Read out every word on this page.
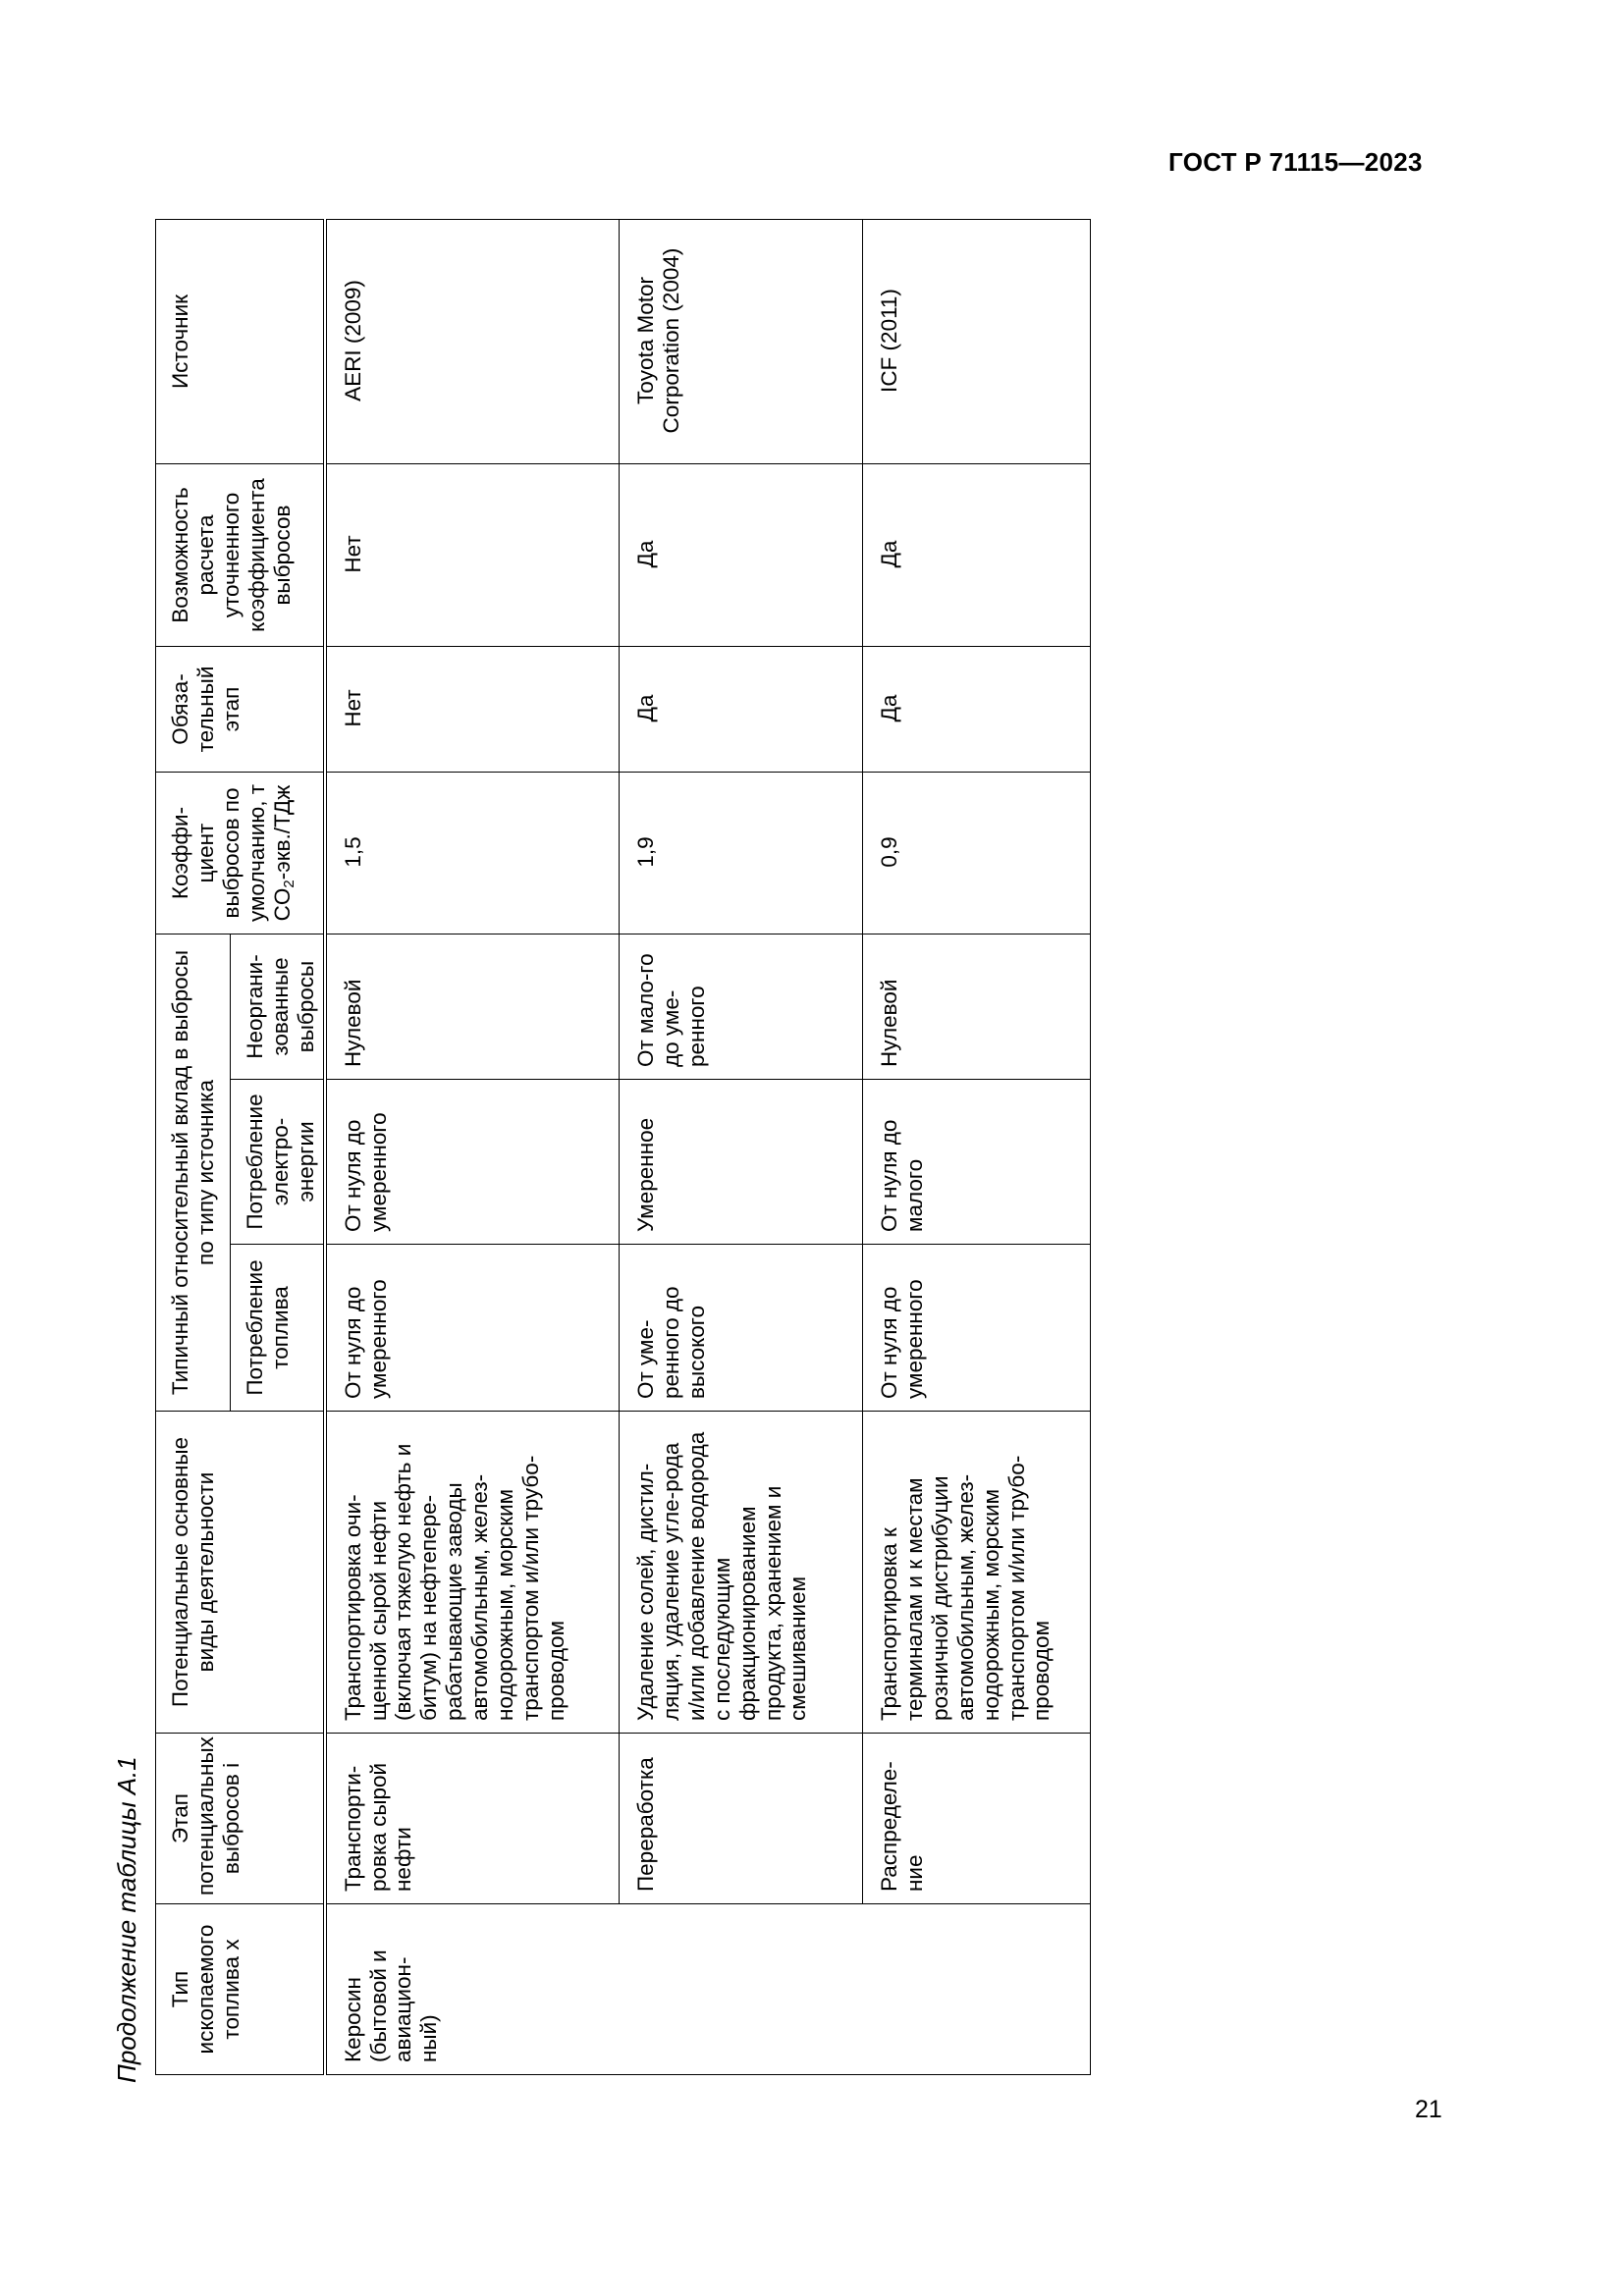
ГОСТ Р 71115—2023
21
Продолжение таблицы А.1 Тип ископаемого топлива х	Этап потенциальных выбросов i	Потенциальные основные виды деятельности	Типичный относительный вклад в выбросы по типу источника			Коэффи-циент выбросов по умолчанию, т $CO_2-экв$./ТДж	Обяза-тельный этап	Возможность расчета уточненного коэффициента выбросов	Источник
			Потребление топлива	Потребление электро-энергии	Неоргани-зованные выбросы				
Керосин (бытовой и авиацион-ный)	Транспорти-ровка сырой нефти	Транспортировка очи-щенной сырой нефти (включая тяжелую нефть и битум) на нефтепере-рабатывающие заводы автомобильным, желез-нодорожным, морским транспортом и/или трубо-проводом	От нуля до умеренного	От нуля до умеренного	Нулевой	1,5	Нет	Нет	AERI (2009)
	Переработка	Удаление солей, дистил-ляция, удаление угле-рода и/или добавление водорода с последующим фракционированием продукта, хранением и смешиванием	От уме-ренного до высокого	Умеренное	От мало-го до уме-ренного	1,9	Да	Да	Toyota Motor Corporation (2004)
	Распределе-ние	Транспортировка к терминалам и к местам розничной дистрибуции автомобильным, желез-нодорожным, морским транспортом и/или трубо-проводом	От нуля до умеренного	От нуля до малого	Нулевой	0,9	Да	Да	ICF (2011)
